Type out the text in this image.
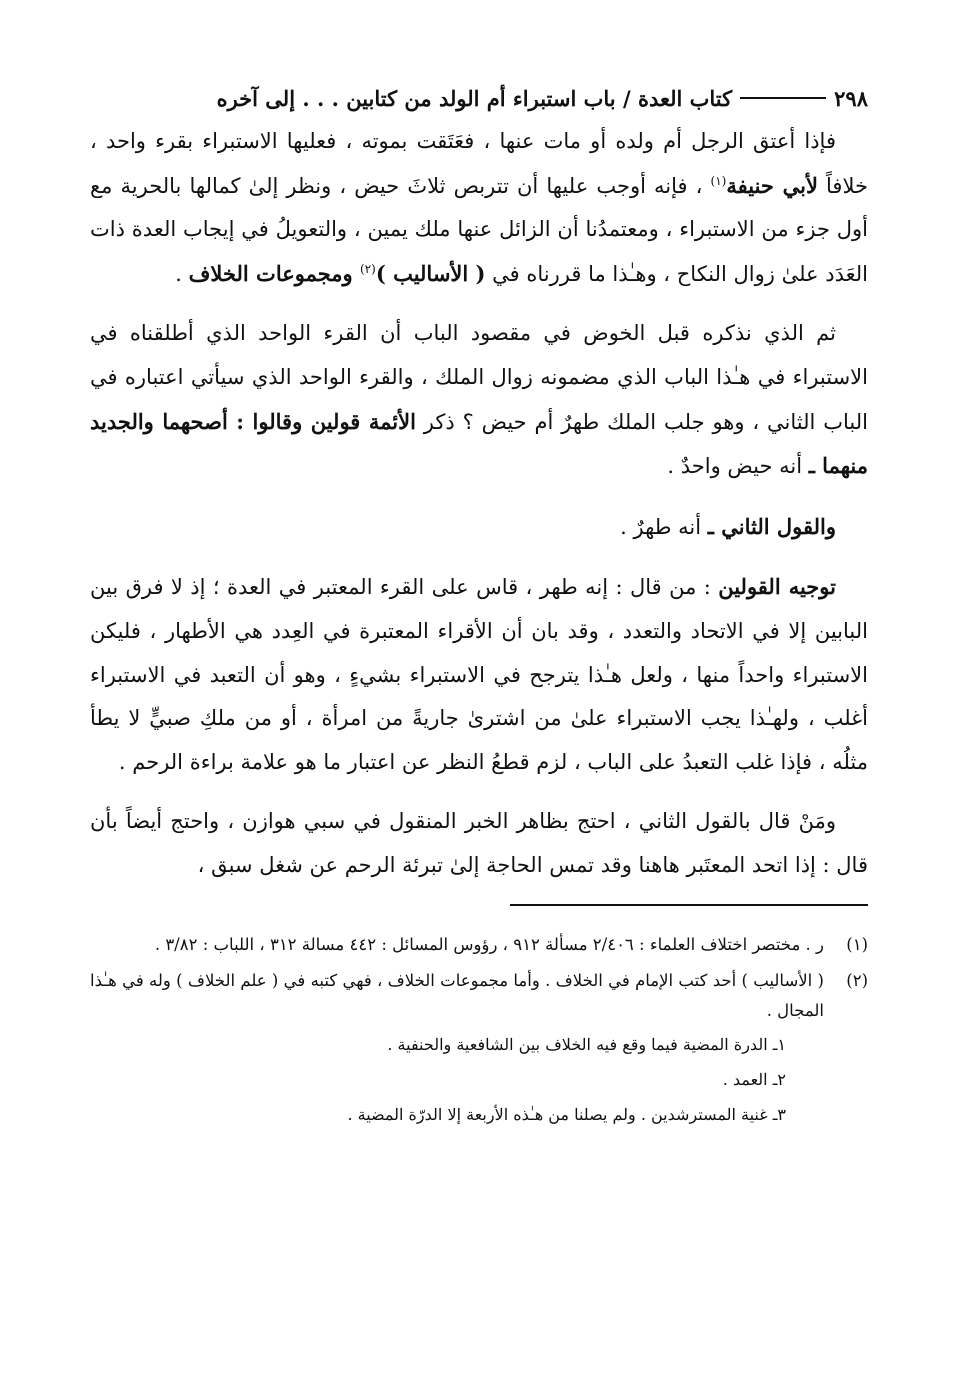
٢٩٨
كتاب العدة / باب استبراء أم الولد من كتابين . . . إلى آخره

فإذا أعتق الرجل أم ولده أو مات عنها ، فعَتَقت بموته ، فعليها الاستبراء بقرء واحد ، خلافاً لأبي حنيفة$^{(١)}$ ، فإنه أوجب عليها أن تتربص ثلاثَ حيض ، ونظر إلىٰ كمالها بالحرية مع أول جزء من الاستبراء ، ومعتمدُنا أن الزائل عنها ملك يمين ، والتعويلُ في إيجاب العدة ذات العَدَد علىٰ زوال النكاح ، وهـٰذا ما قررناه في ( الأساليب )$^{(٢)}$ ومجموعات الخلاف .

ثم الذي نذكره قبل الخوض في مقصود الباب أن القرء الواحد الذي أطلقناه في الاستبراء في هـٰذا الباب الذي مضمونه زوال الملك ، والقرء الواحد الذي سيأتي اعتباره في الباب الثاني ، وهو جلب الملك طهرٌ أم حيض ؟ ذكر الأئمة قولين وقالوا : أصحهما والجديد منهما ـ أنه حيض واحدٌ .

والقول الثاني ـ أنه طهرٌ .

توجيه القولين : من قال : إنه طهر ، قاس على القرء المعتبر في العدة ؛ إذ لا فرق بين البابين إلا في الاتحاد والتعدد ، وقد بان أن الأقراء المعتبرة في العِدد هي الأطهار ، فليكن الاستبراء واحداً منها ، ولعل هـٰذا يترجح في الاستبراء بشيءٍ ، وهو أن التعبد في الاستبراء أغلب ، ولهـٰذا يجب الاستبراء علىٰ من اشترىٰ جاريةً من امرأة ، أو من ملكِ صبيٍّ لا يطأ مثلُه ، فإذا غلب التعبدُ على الباب ، لزم قطعُ النظر عن اعتبار ما هو علامة براءة الرحم .

ومَنْ قال بالقول الثاني ، احتج بظاهر الخبر المنقول في سبي هوازن ، واحتج أيضاً بأن قال : إذا اتحد المعتَبر هاهنا وقد تمس الحاجة إلىٰ تبرئة الرحم عن شغل سبق ،

(١)
ر . مختصر اختلاف العلماء : ٢/٤٠٦ مسألة ٩١٢ ، رؤوس المسائل : ٤٤٢ مسالة ٣١٢ ، اللباب : ٣/٨٢ .
(٢)
( الأساليب ) أحد كتب الإمام في الخلاف . وأما مجموعات الخلاف ، فهي كتبه في ( علم الخلاف ) وله في هـٰذا المجال .
١ـ الدرة المضية فيما وقع فيه الخلاف بين الشافعية والحنفية .
٢ـ العمد .
٣ـ غنية المسترشدين . ولم يصلنا من هـٰذه الأربعة إلا الدرّة المضية .
